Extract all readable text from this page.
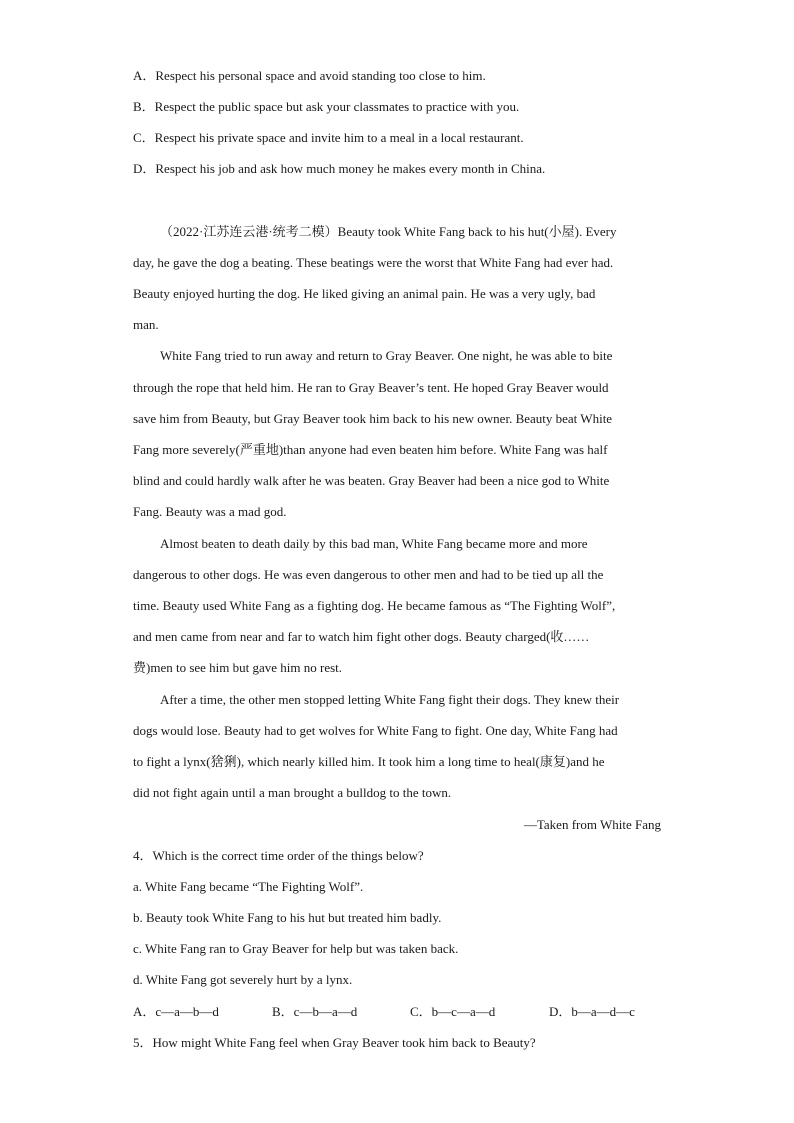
A．Respect his personal space and avoid standing too close to him.
B．Respect the public space but ask your classmates to practice with you.
C．Respect his private space and invite him to a meal in a local restaurant.
D．Respect his job and ask how much money he makes every month in China.
（2022·江苏连云港·统考二模）Beauty took White Fang back to his hut(小屋). Every
day, he gave the dog a beating. These beatings were the worst that White Fang had ever had.
Beauty enjoyed hurting the dog. He liked giving an animal pain. He was a very ugly, bad
man.
White Fang tried to run away and return to Gray Beaver. One night, he was able to bite
through the rope that held him. He ran to Gray Beaver’s tent. He hoped Gray Beaver would
save him from Beauty, but Gray Beaver took him back to his new owner. Beauty beat White
Fang more severely(严重地)than anyone had even beaten him before. White Fang was half
blind and could hardly walk after he was beaten. Gray Beaver had been a nice god to White
Fang. Beauty was a mad god.
Almost beaten to death daily by this bad man, White Fang became more and more
dangerous to other dogs. He was even dangerous to other men and had to be tied up all the
time. Beauty used White Fang as a fighting dog. He became famous as “The Fighting Wolf”,
and men came from near and far to watch him fight other dogs. Beauty charged(收……
费)men to see him but gave him no rest.
After a time, the other men stopped letting White Fang fight their dogs. They knew their
dogs would lose. Beauty had to get wolves for White Fang to fight. One day, White Fang had
to fight a lynx(猞猁), which nearly killed him. It took him a long time to heal(康复)and he
did not fight again until a man brought a bulldog to the town.
—Taken from White Fang
4．Which is the correct time order of the things below?
a. White Fang became “The Fighting Wolf”.
b. Beauty took White Fang to his hut but treated him badly.
c. White Fang ran to Gray Beaver for help but was taken back.
d. White Fang got severely hurt by a lynx.
A．c—a—b—d	B．c—b—a—d	C．b—c—a—d	D．b—a—d—c
5．How might White Fang feel when Gray Beaver took him back to Beauty?
